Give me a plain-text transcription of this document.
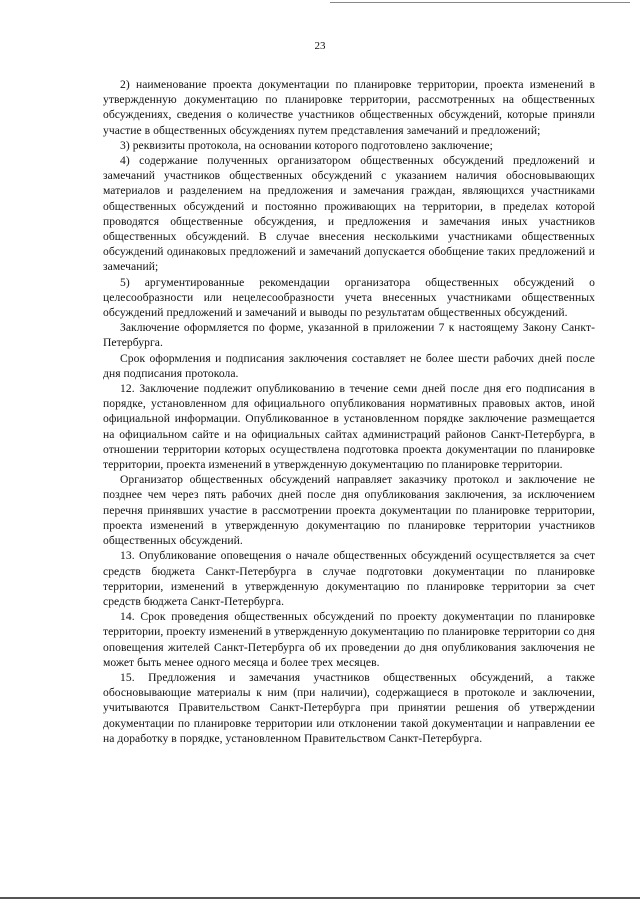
23

2) наименование проекта документации по планировке территории, проекта изменений в утвержденную документацию по планировке территории, рассмотренных на общественных обсуждениях, сведения о количестве участников общественных обсуждений, которые приняли участие в общественных обсуждениях путем представления замечаний и предложений;

3) реквизиты протокола, на основании которого подготовлено заключение;

4) содержание полученных организатором общественных обсуждений предложений и замечаний участников общественных обсуждений с указанием наличия обосновывающих материалов и разделением на предложения и замечания граждан, являющихся участниками общественных обсуждений и постоянно проживающих на территории, в пределах которой проводятся общественные обсуждения, и предложения и замечания иных участников общественных обсуждений. В случае внесения несколькими участниками общественных обсуждений одинаковых предложений и замечаний допускается обобщение таких предложений и замечаний;

5) аргументированные рекомендации организатора общественных обсуждений о целесообразности или нецелесообразности учета внесенных участниками общественных обсуждений предложений и замечаний и выводы по результатам общественных обсуждений.

Заключение оформляется по форме, указанной в приложении 7 к настоящему Закону Санкт-Петербурга.

Срок оформления и подписания заключения составляет не более шести рабочих дней после дня подписания протокола.

12. Заключение подлежит опубликованию в течение семи дней после дня его подписания в порядке, установленном для официального опубликования нормативных правовых актов, иной официальной информации. Опубликованное в установленном порядке заключение размещается на официальном сайте и на официальных сайтах администраций районов Санкт-Петербурга, в отношении территории которых осуществлена подготовка проекта документации по планировке территории, проекта изменений в утвержденную документацию по планировке территории.

Организатор общественных обсуждений направляет заказчику протокол и заключение не позднее чем через пять рабочих дней после дня опубликования заключения, за исключением перечня принявших участие в рассмотрении проекта документации по планировке территории, проекта изменений в утвержденную документацию по планировке территории участников общественных обсуждений.

13. Опубликование оповещения о начале общественных обсуждений осуществляется за счет средств бюджета Санкт-Петербурга в случае подготовки документации по планировке территории, изменений в утвержденную документацию по планировке территории за счет средств бюджета Санкт-Петербурга.

14. Срок проведения общественных обсуждений по проекту документации по планировке территории, проекту изменений в утвержденную документацию по планировке территории со дня оповещения жителей Санкт-Петербурга об их проведении до дня опубликования заключения не может быть менее одного месяца и более трех месяцев.

15. Предложения и замечания участников общественных обсуждений, а также обосновывающие материалы к ним (при наличии), содержащиеся в протоколе и заключении, учитываются Правительством Санкт-Петербурга при принятии решения об утверждении документации по планировке территории или отклонении такой документации и направлении ее на доработку в порядке, установленном Правительством Санкт-Петербурга.
